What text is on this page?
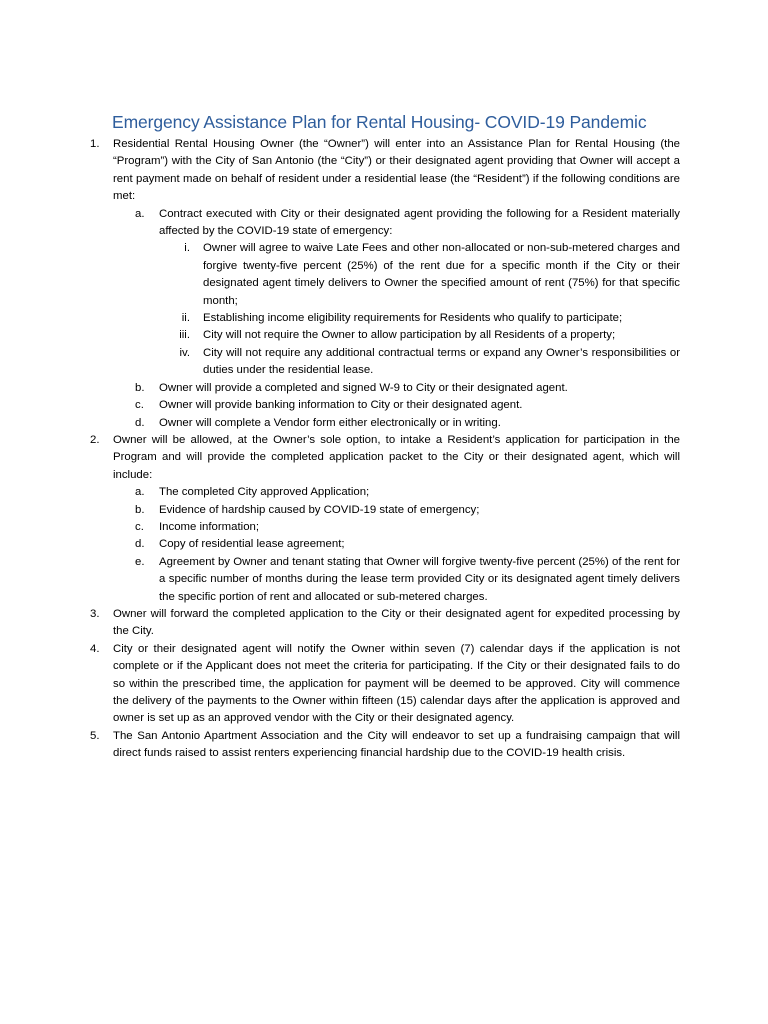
Emergency Assistance Plan for Rental Housing- COVID-19 Pandemic
1. Residential Rental Housing Owner (the “Owner”) will enter into an Assistance Plan for Rental Housing (the “Program”) with the City of San Antonio (the “City”) or their designated agent providing that Owner will accept a rent payment made on behalf of resident under a residential lease (the “Resident”) if the following conditions are met:
a. Contract executed with City or their designated agent providing the following for a Resident materially affected by the COVID-19 state of emergency:
i. Owner will agree to waive Late Fees and other non-allocated or non-sub-metered charges and forgive twenty-five percent (25%) of the rent due for a specific month if the City or their designated agent timely delivers to Owner the specified amount of rent (75%) for that specific month;
ii. Establishing income eligibility requirements for Residents who qualify to participate;
iii. City will not require the Owner to allow participation by all Residents of a property;
iv. City will not require any additional contractual terms or expand any Owner’s responsibilities or duties under the residential lease.
b. Owner will provide a completed and signed W-9 to City or their designated agent.
c. Owner will provide banking information to City or their designated agent.
d. Owner will complete a Vendor form either electronically or in writing.
2. Owner will be allowed, at the Owner’s sole option, to intake a Resident’s application for participation in the Program and will provide the completed application packet to the City or their designated agent, which will include:
a. The completed City approved Application;
b. Evidence of hardship caused by COVID-19 state of emergency;
c. Income information;
d. Copy of residential lease agreement;
e. Agreement by Owner and tenant stating that Owner will forgive twenty-five percent (25%) of the rent for a specific number of months during the lease term provided City or its designated agent timely delivers the specific portion of rent and allocated or sub-metered charges.
3. Owner will forward the completed application to the City or their designated agent for expedited processing by the City.
4. City or their designated agent will notify the Owner within seven (7) calendar days if the application is not complete or if the Applicant does not meet the criteria for participating. If the City or their designated fails to do so within the prescribed time, the application for payment will be deemed to be approved. City will commence the delivery of the payments to the Owner within fifteen (15) calendar days after the application is approved and owner is set up as an approved vendor with the City or their designated agency.
5. The San Antonio Apartment Association and the City will endeavor to set up a fundraising campaign that will direct funds raised to assist renters experiencing financial hardship due to the COVID-19 health crisis.
